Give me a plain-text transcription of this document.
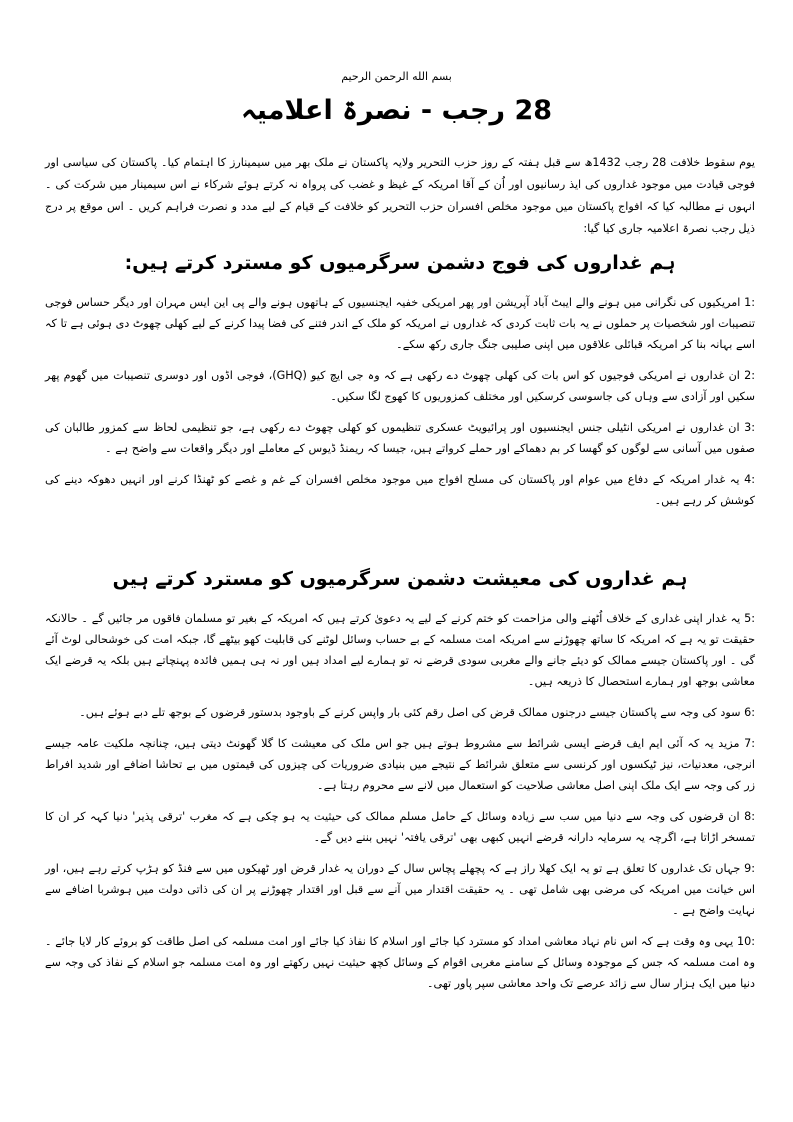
بسم الله الرحمن الرحیم
28 رجب - نصرۃ اعلامیہ
یوم سقوط خلافت 28 رجب 1432ھ سے قبل ہفتہ کے روز حزب التحریر ولایہ پاکستان نے ملک بھر میں سیمینارز کا اہتمام کیا۔ پاکستان کی سیاسی اور فوجی قیادت میں موجود غداروں کی ایذ رسانیوں اور اُن کے آقا امریکہ کے غیظ و غضب کی پرواہ نہ کرتے ہوئے شرکاء نے اس سیمینار میں شرکت کی ۔ انہوں نے مطالبہ کیا کہ افواج پاکستان میں موجود مخلص افسران حزب التحریر کو خلافت کے قیام کے لیے مدد و نصرت فراہم کریں ۔ اس موقع پر درج ذیل رجب نصرۃ اعلامیہ جاری کیا گیا:
ہم غداروں کی فوج دشمن سرگرمیوں کو مسترد کرتے ہیں:
1: امریکیوں کی نگرانی میں ہونے والے ایبٹ آباد آپریشن اور پھر امریکی خفیہ ایجنسیوں کے ہاتھوں ہونے والے پی این ایس مہران اور دیگر حساس فوجی تنصیبات اور شخصیات پر حملوں نے یہ بات ثابت کردی کہ غداروں نے امریکہ کو ملک کے اندر فتنے کی فضا پیدا کرنے کے لیے کھلی چھوٹ دی ہوئی ہے تا کہ اسے بہانہ بنا کر امریکہ قبائلی علاقوں میں اپنی صلیبی جنگ جاری رکھ سکے۔
2: ان غداروں نے امریکی فوجیوں کو اس بات کی کھلی چھوٹ دے رکھی ہے کہ وہ جی ایچ کیو (GHQ)، فوجی اڈوں اور دوسری تنصیبات میں گھوم پھر سکیں اور آزادی سے وہاں کی جاسوسی کرسکیں اور مختلف کمزوریوں کا کھوج لگا سکیں۔
3: ان غداروں نے امریکی انٹیلی جنس ایجنسیوں اور پرائیویٹ عسکری تنظیموں کو کھلی چھوٹ دے رکھی ہے، جو تنظیمی لحاظ سے کمزور طالبان کی صفوں میں آسانی سے لوگوں کو گھسا کر بم دھماکے اور حملے کرواتے ہیں، جیسا کہ ریمنڈ ڈیوس کے معاملے اور دیگر واقعات سے واضح ہے ۔
4: یہ غدار امریکہ کے دفاع میں عوام اور پاکستان کی مسلح افواج میں موجود مخلص افسران کے غم و غصے کو ٹھنڈا کرنے اور انہیں دھوکہ دینے کی کوشش کر رہے ہیں۔
ہم غداروں کی معیشت دشمن سرگرمیوں کو مسترد کرتے ہیں
5: یہ غدار اپنی غداری کے خلاف اُٹھنے والی مزاحمت کو ختم کرنے کے لیے یہ دعویٰ کرتے ہیں کہ امریکہ کے بغیر تو مسلمان فاقوں مر جائیں گے ۔ حالانکہ حقیقت تو یہ ہے کہ امریکہ کا ساتھ چھوڑنے سے امریکہ امت مسلمہ کے بے حساب وسائل لوٹنے کی قابلیت کھو بیٹھے گا، جبکہ امت کی خوشحالی لوٹ آئے گی ۔ اور پاکستان جیسے ممالک کو دیئے جانے والے مغربی سودی قرضے نہ تو ہمارے لیے امداد ہیں اور نہ ہی ہمیں فائدہ پہنچاتے ہیں بلکہ یہ قرضے ایک معاشی بوجھ اور ہمارے استحصال کا ذریعہ ہیں۔
6: سود کی وجہ سے پاکستان جیسے درجنوں ممالک قرض کی اصل رقم کئی بار واپس کرنے کے باوجود بدستور قرضوں کے بوجھ تلے دبے ہوئے ہیں۔
7: مزید یہ کہ آئی ایم ایف قرضے ایسی شرائط سے مشروط ہوتے ہیں جو اس ملک کی معیشت کا گلا گھونٹ دیتی ہیں، چنانچہ ملکیت عامہ جیسے انرجی، معدنیات، نیز ٹیکسوں اور کرنسی سے متعلق شرائط کے نتیجے میں بنیادی ضروریات کی چیزوں کی قیمتوں میں بے تحاشا اضافے اور شدید افراط زر کی وجہ سے ایک ملک اپنی اصل معاشی صلاحیت کو استعمال میں لانے سے محروم رہتا ہے۔
8: ان قرضوں کی وجہ سے دنیا میں سب سے زیادہ وسائل کے حامل مسلم ممالک کی حیثیت یہ ہو چکی ہے کہ مغرب 'ترقی پذیر' دنیا کہہ کر ان کا تمسخر اڑاتا ہے، اگرچہ یہ سرمایہ دارانہ قرضے انہیں کبھی بھی 'ترقی یافتہ' نہیں بننے دیں گے۔
9: جہاں تک غداروں کا تعلق ہے تو یہ ایک کھلا راز ہے کہ پچھلے پچاس سال کے دوران یہ غدار قرض اور ٹھیکوں میں سے فنڈ کو ہڑپ کرتے رہے ہیں، اور اس خیانت میں امریکہ کی مرضی بھی شامل تھی ۔ یہ حقیقت اقتدار میں آنے سے قبل اور اقتدار چھوڑنے پر ان کی ذاتی دولت میں ہوشربا اضافے سے نہایت واضح ہے ۔
10: یہی وہ وقت ہے کہ اس نام نہاد معاشی امداد کو مسترد کیا جائے اور اسلام کا نفاذ کیا جائے اور امت مسلمہ کی اصل طاقت کو بروئے کار لایا جائے ۔ وہ امت مسلمہ کہ جس کے موجودہ وسائل کے سامنے مغربی اقوام کے وسائل کچھ حیثیت نہیں رکھتے اور وہ امت مسلمہ جو اسلام کے نفاذ کی وجہ سے دنیا میں ایک ہزار سال سے زائد عرصے تک واحد معاشی سپر پاور تھی۔
